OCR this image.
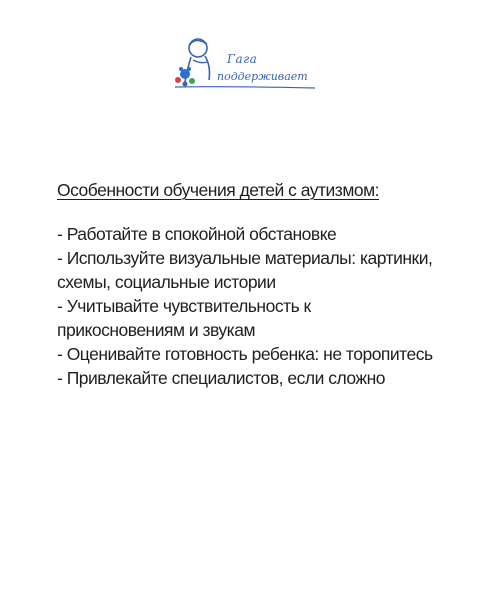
Гага
поддерживает
Особенности обучения детей с аутизмом:
- Работайте в спокойной обстановке
- Используйте визуальные материалы: картинки, схемы, социальные истории
- Учитывайте чувствительность к прикосновениям и звукам
- Оценивайте готовность ребенка: не торопитесь
- Привлекайте специалистов, если сложно
